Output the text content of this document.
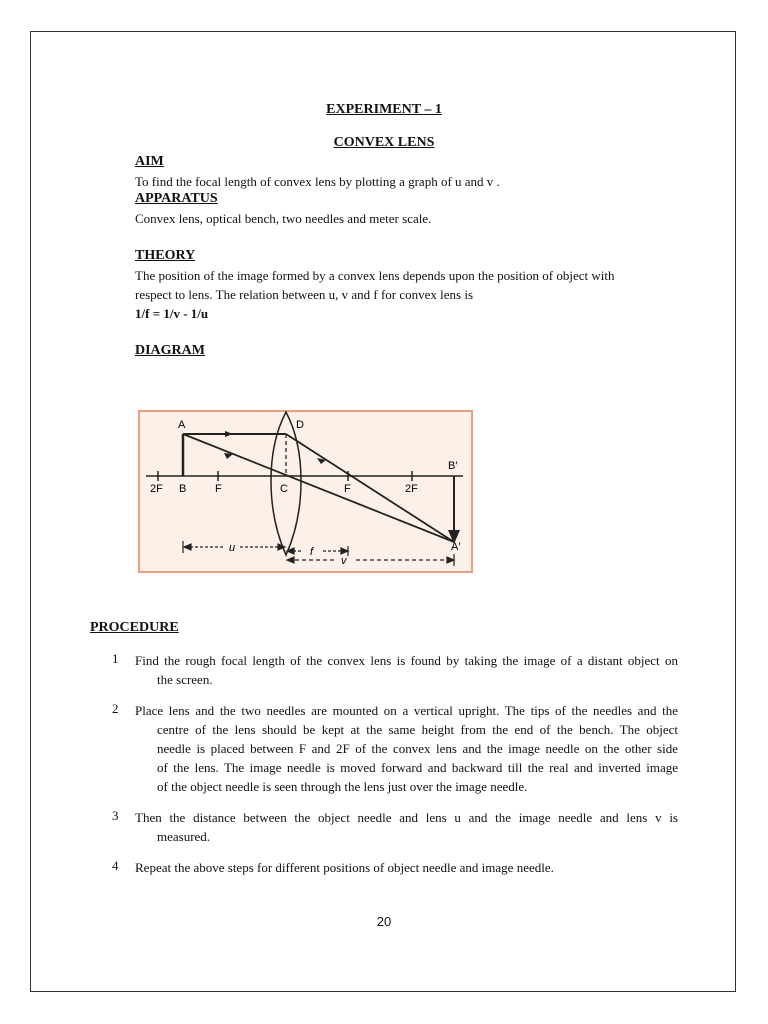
EXPERIMENT – 1
CONVEX LENS
AIM
To find the focal length of convex lens by plotting a graph of u and v .
APPARATUS
Convex lens, optical bench, two needles and meter scale.
THEORY
The position of the image formed by a convex lens depends upon the position of object with
respect to lens. The relation between u, v and f for convex lens is
1/f = 1/v - 1/u
DIAGRAM
A	D
B′
A′
2F B	F	C	F	2F
u	f
v
PROCEDURE
1	Find the rough focal length of the convex lens is found by taking the image of a distant object on
the screen.
2	Place lens and the two needles are mounted on a vertical upright. The tips of the needles and the
centre of the lens should be kept at the same height from the end of the bench. The object
needle is placed between F and 2F of the convex lens and the image needle on the other side
of the lens. The image needle is moved forward and backward till the real and inverted image
of the object needle is seen through the lens just over the image needle.
3	Then the distance between the object needle and lens u and the image needle and lens v is
measured.
4	Repeat the above steps for different positions of object needle and image needle.
20
